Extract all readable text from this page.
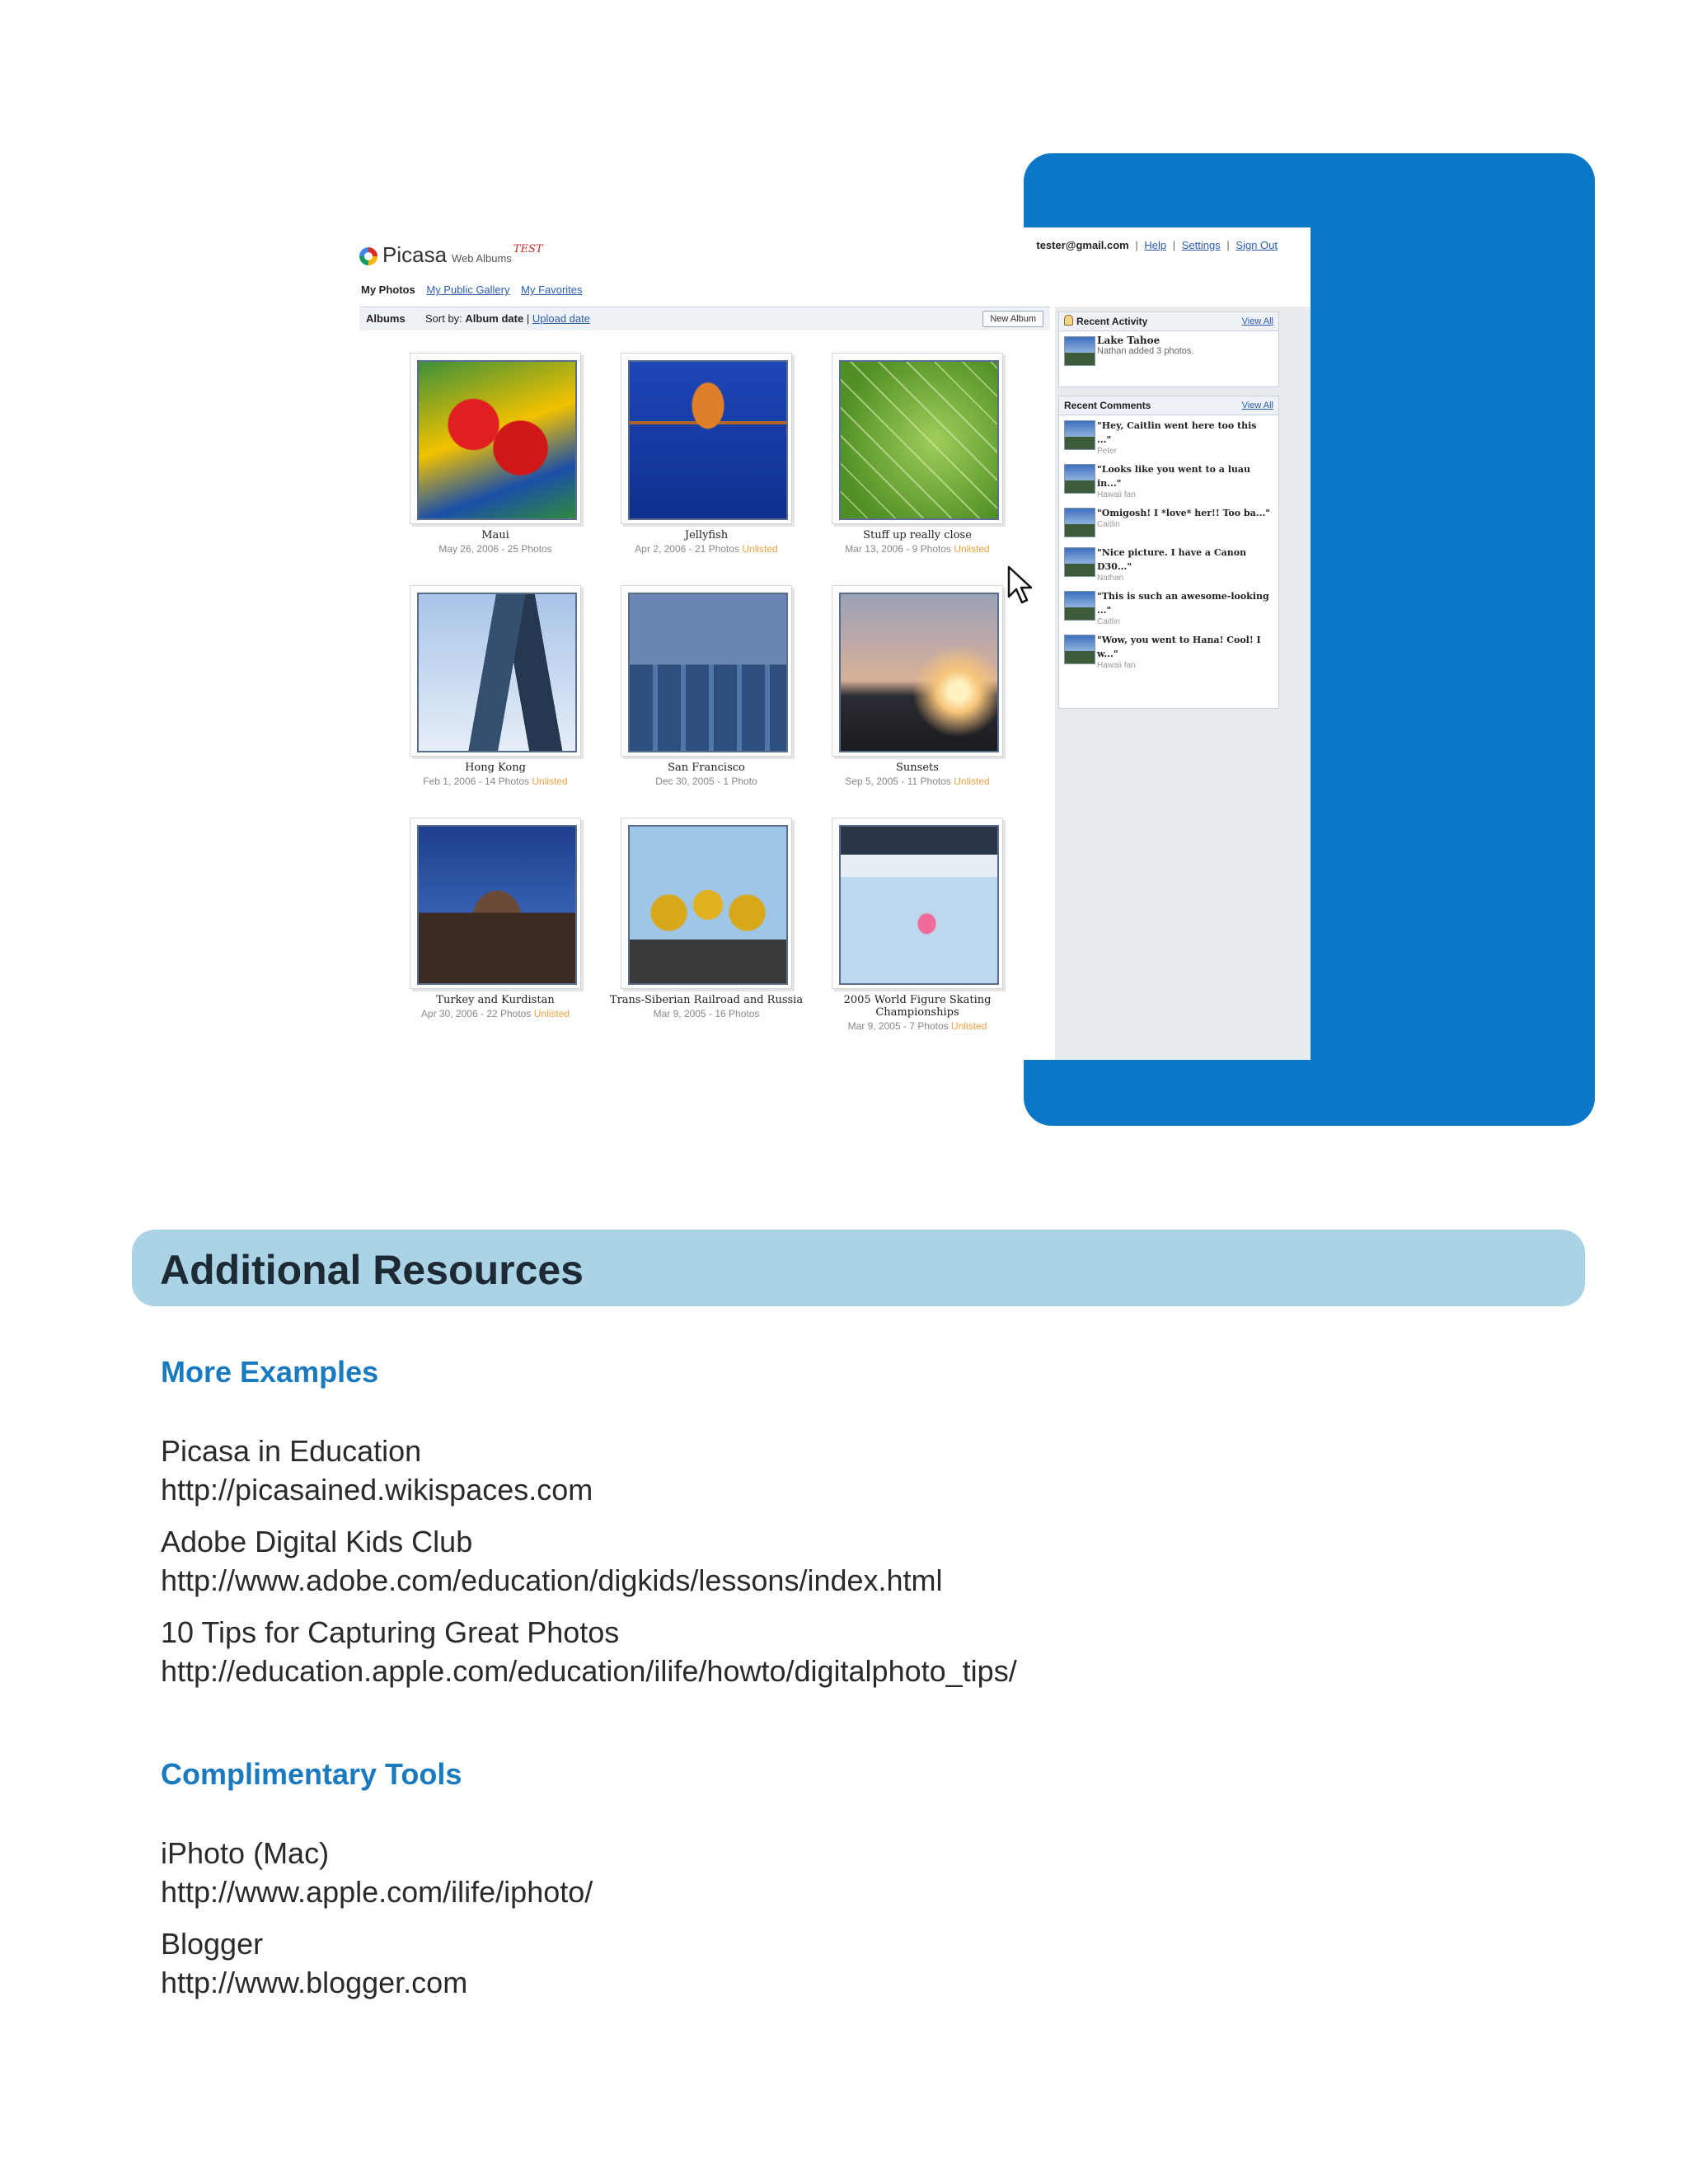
Picasa Web Albums
TEST	tester@gmail.com | Help | Settings | Sign Out
My Photos My Public Gallery My Favorites
Albums Sort by: Album date | Upload date	New Album
Maui
May 26, 2006 - 25 Photos
Jellyfish
Apr 2, 2006 - 21 Photos Unlisted
Stuff up really close
Mar 13, 2006 - 9 Photos Unlisted
Hong Kong
Feb 1, 2006 - 14 Photos Unlisted
San Francisco
Dec 30, 2005 - 1 Photo
Sunsets
Sep 5, 2005 - 11 Photos Unlisted
Turkey and Kurdistan
Apr 30, 2006 - 22 Photos Unlisted
Trans-Siberian Railroad and Russia
Mar 9, 2005 - 16 Photos
2005 World Figure Skating Championships
Mar 9, 2005 - 7 Photos Unlisted
Recent Activity	View All
Lake Tahoe
Nathan added 3 photos.
Recent Comments	View All
"Hey, Caitlin went here too this ..."
Peter
"Looks like you went to a luau in..."
Hawaii fan
"Omigosh! I *love* her!! Too ba..."
Caitlin
"Nice picture. I have a Canon D30..."
Nathan
"This is such an awesome-looking ..."
Caitlin
"Wow, you went to Hana! Cool! I w..."
Hawaii fan
Additional Resources
More Examples
Picasa in Education
http://picasained.wikispaces.com
Adobe Digital Kids Club
http://www.adobe.com/education/digkids/lessons/index.html
10 Tips for Capturing Great Photos
http://education.apple.com/education/ilife/howto/digitalphoto_tips/
Complimentary Tools
iPhoto (Mac)
http://www.apple.com/ilife/iphoto/
Blogger
http://www.blogger.com
